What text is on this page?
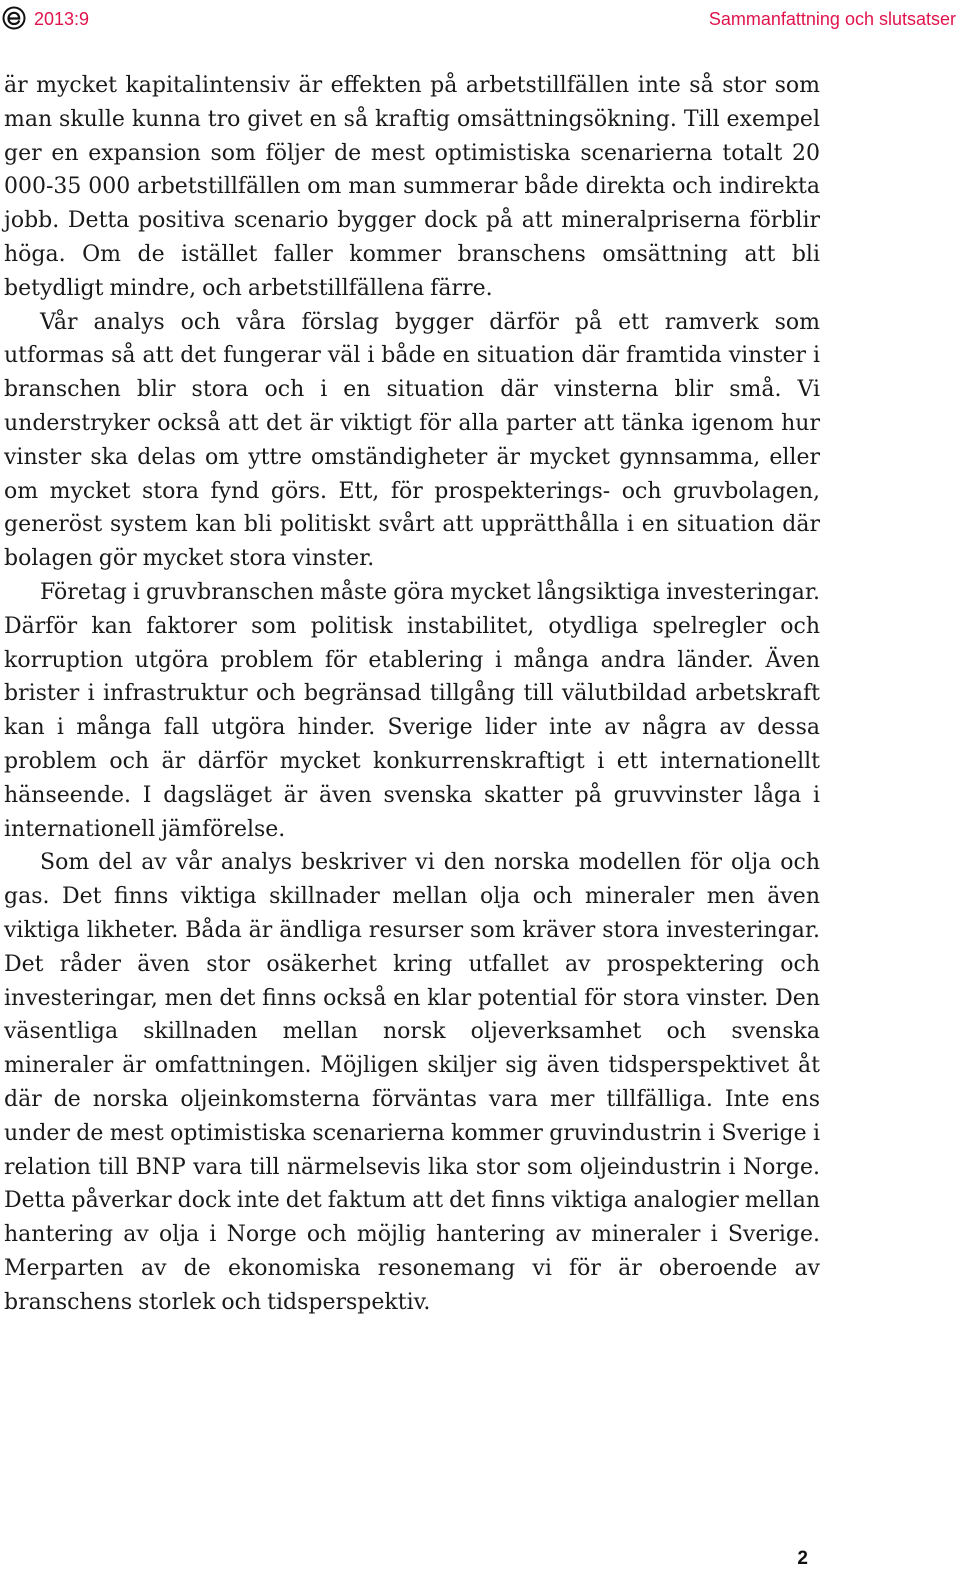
2013:9	Sammanfattning och slutsatser

är mycket kapitalintensiv är effekten på arbetstillfällen inte så stor som man skulle kunna tro givet en så kraftig omsättningsökning. Till exempel ger en expansion som följer de mest optimistiska scenarierna totalt 20 000-35 000 arbetstillfällen om man summerar både direkta och indirekta jobb. Detta positiva scenario bygger dock på att mineralpriserna förblir höga. Om de istället faller kommer branschens omsättning att bli betydligt mindre, och arbetstillfällena färre.

Vår analys och våra förslag bygger därför på ett ramverk som utformas så att det fungerar väl i både en situation där framtida vinster i branschen blir stora och i en situation där vinsterna blir små. Vi understryker också att det är viktigt för alla parter att tänka igenom hur vinster ska delas om yttre omständigheter är mycket gynnsamma, eller om mycket stora fynd görs. Ett, för prospekterings- och gruvbolagen, generöst system kan bli politiskt svårt att upprätthålla i en situation där bolagen gör mycket stora vinster.

Företag i gruvbranschen måste göra mycket långsiktiga investeringar. Därför kan faktorer som politisk instabilitet, otydliga spelregler och korruption utgöra problem för etablering i många andra länder. Även brister i infrastruktur och begränsad tillgång till välutbildad arbetskraft kan i många fall utgöra hinder. Sverige lider inte av några av dessa problem och är därför mycket konkurrenskraftigt i ett internationellt hänseende. I dagsläget är även svenska skatter på gruvvinster låga i internationell jämförelse.

Som del av vår analys beskriver vi den norska modellen för olja och gas. Det finns viktiga skillnader mellan olja och mineraler men även viktiga likheter. Båda är ändliga resurser som kräver stora investeringar. Det råder även stor osäkerhet kring utfallet av prospektering och investeringar, men det finns också en klar potential för stora vinster. Den väsentliga skillnaden mellan norsk oljeverksamhet och svenska mineraler är omfattningen. Möjligen skiljer sig även tidsperspektivet åt där de norska oljeinkomsterna förväntas vara mer tillfälliga. Inte ens under de mest optimistiska scenarierna kommer gruvindustrin i Sverige i relation till BNP vara till närmelsevis lika stor som oljeindustrin i Norge. Detta påverkar dock inte det faktum att det finns viktiga analogier mellan hantering av olja i Norge och möjlig hantering av mineraler i Sverige. Merparten av de ekonomiska resonemang vi för är oberoende av branschens storlek och tidsperspektiv.

2
